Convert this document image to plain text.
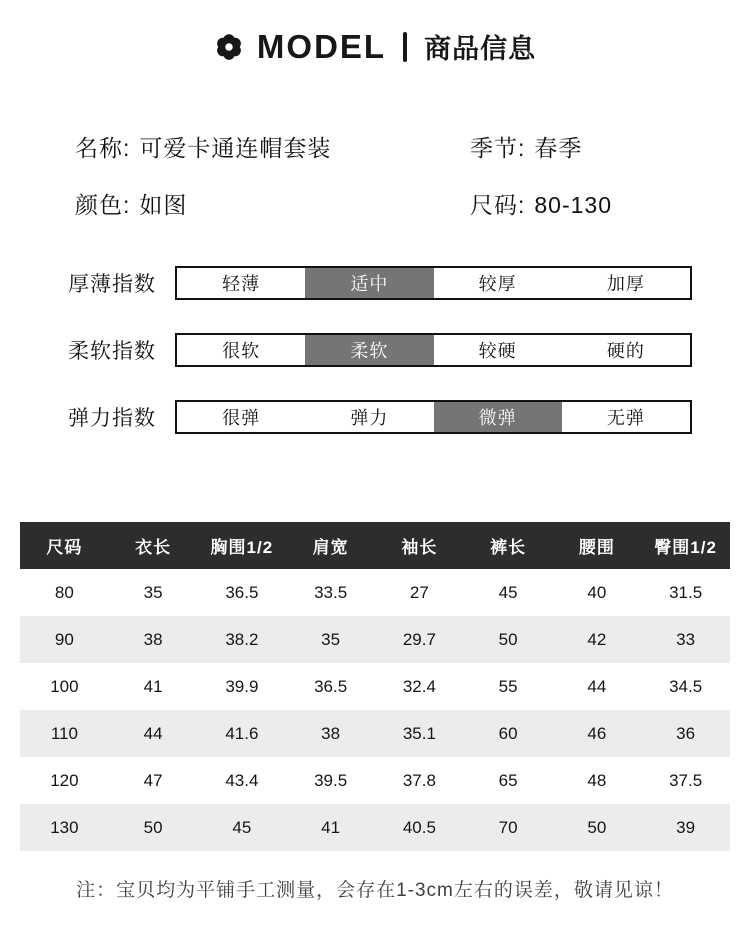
MODEL 商品信息
名称: 可爱卡通连帽套装	季节: 春季
颜色: 如图	尺码: 80-130
厚薄指数	轻薄	适中	较厚	加厚
柔软指数	很软	柔软	较硬	硬的
弹力指数	很弹	弹力	微弹	无弹
尺码	衣长	胸围1/2	肩宽	袖长	裤长	腰围	臀围1/2
80	35	36.5	33.5	27	45	40	31.5
90	38	38.2	35	29.7	50	42	33
100	41	39.9	36.5	32.4	55	44	34.5
110	44	41.6	38	35.1	60	46	36
120	47	43.4	39.5	37.8	65	48	37.5
130	50	45	41	40.5	70	50	39

注：宝贝均为平铺手工测量，会存在1-3cm左右的误差，敬请见谅！
